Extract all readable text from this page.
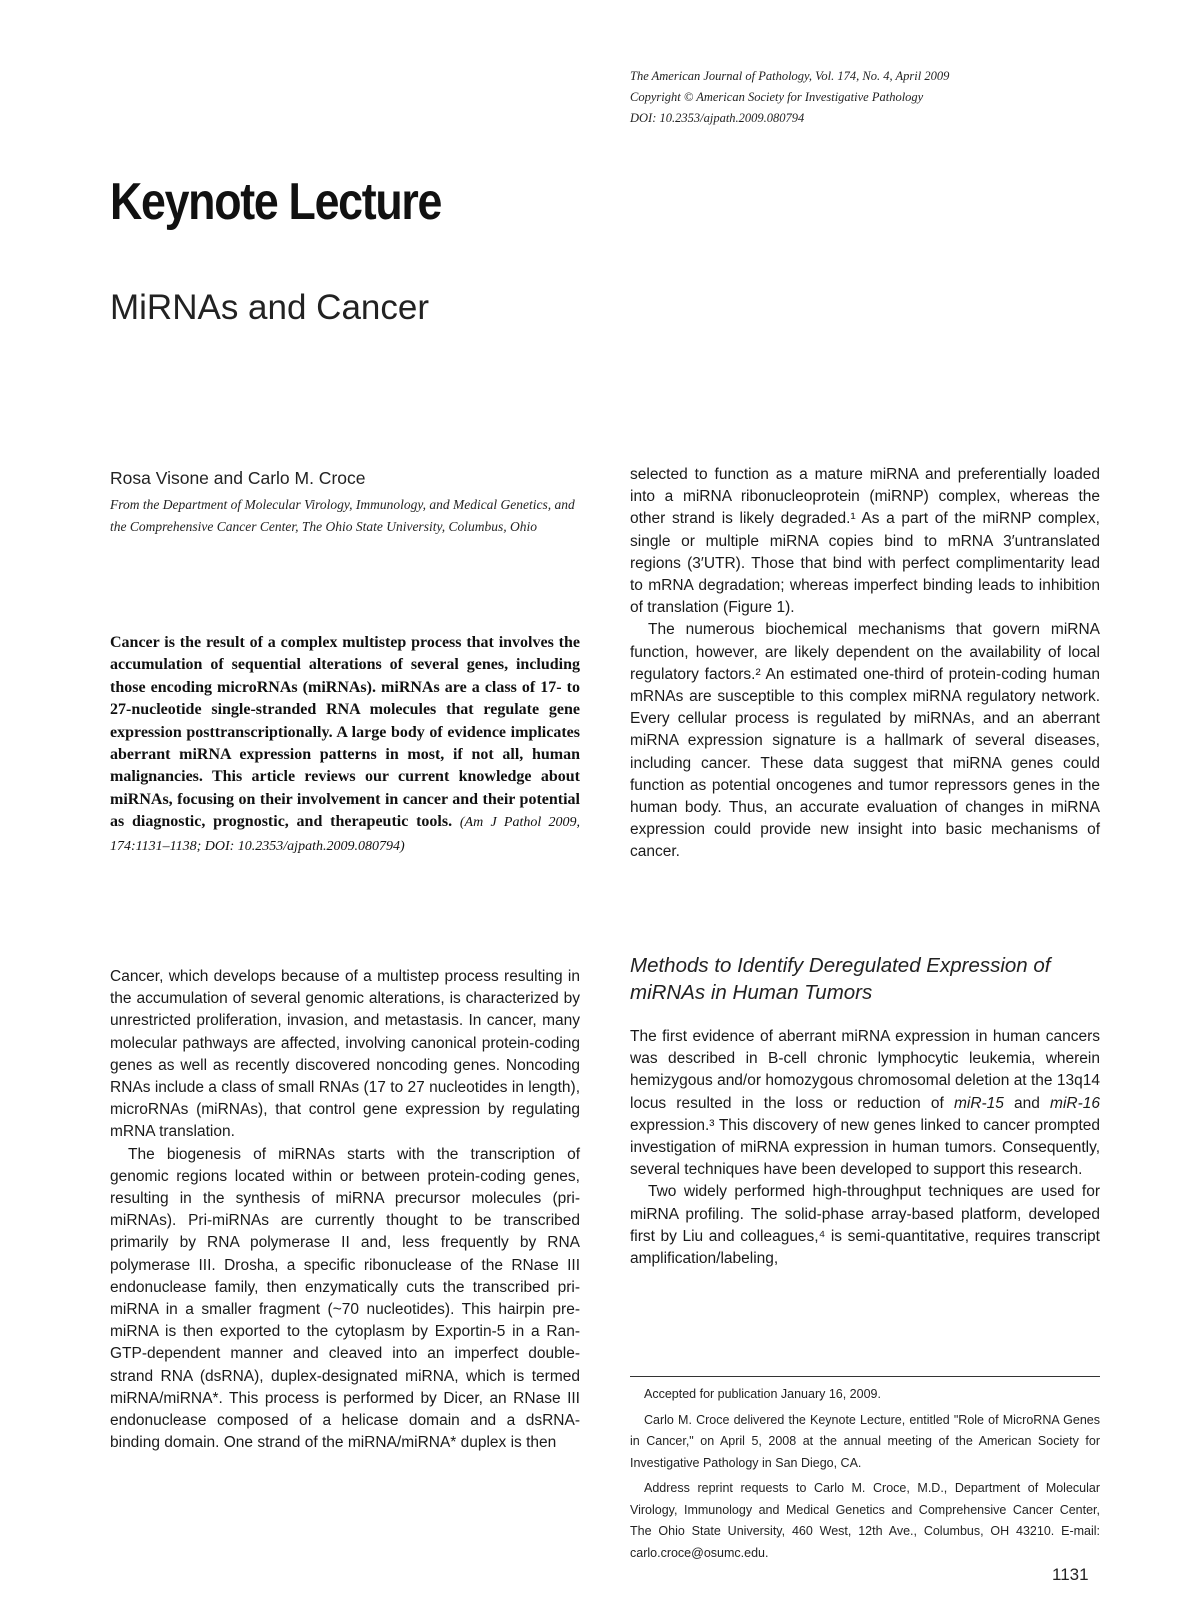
The American Journal of Pathology, Vol. 174, No. 4, April 2009
Copyright © American Society for Investigative Pathology
DOI: 10.2353/ajpath.2009.080794
Keynote Lecture
MiRNAs and Cancer
Rosa Visone and Carlo M. Croce
From the Department of Molecular Virology, Immunology, and Medical Genetics, and the Comprehensive Cancer Center, The Ohio State University, Columbus, Ohio
Cancer is the result of a complex multistep process that involves the accumulation of sequential alterations of several genes, including those encoding microRNAs (miRNAs). miRNAs are a class of 17- to 27-nucleotide single-stranded RNA molecules that regulate gene expression posttranscriptionally. A large body of evidence implicates aberrant miRNA expression patterns in most, if not all, human malignancies. This article reviews our current knowledge about miRNAs, focusing on their involvement in cancer and their potential as diagnostic, prognostic, and therapeutic tools. (Am J Pathol 2009, 174:1131–1138; DOI: 10.2353/ajpath.2009.080794)

Cancer, which develops because of a multistep process resulting in the accumulation of several genomic alterations, is characterized by unrestricted proliferation, invasion, and metastasis. In cancer, many molecular pathways are affected, involving canonical protein-coding genes as well as recently discovered noncoding genes. Noncoding RNAs include a class of small RNAs (17 to 27 nucleotides in length), microRNAs (miRNAs), that control gene expression by regulating mRNA translation.

The biogenesis of miRNAs starts with the transcription of genomic regions located within or between protein-coding genes, resulting in the synthesis of miRNA precursor molecules (pri-miRNAs). Pri-miRNAs are currently thought to be transcribed primarily by RNA polymerase II and, less frequently by RNA polymerase III. Drosha, a specific ribonuclease of the RNase III endonuclease family, then enzymatically cuts the transcribed pri-miRNA in a smaller fragment (~70 nucleotides). This hairpin pre-miRNA is then exported to the cytoplasm by Exportin-5 in a Ran-GTP-dependent manner and cleaved into an imperfect double-strand RNA (dsRNA), duplex-designated miRNA, which is termed miRNA/miRNA*. This process is performed by Dicer, an RNase III endonuclease composed of a helicase domain and a dsRNA-binding domain. One strand of the miRNA/miRNA* duplex is then

selected to function as a mature miRNA and preferentially loaded into a miRNA ribonucleoprotein (miRNP) complex, whereas the other strand is likely degraded.¹ As a part of the miRNP complex, single or multiple miRNA copies bind to mRNA 3′untranslated regions (3′UTR). Those that bind with perfect complimentarity lead to mRNA degradation; whereas imperfect binding leads to inhibition of translation (Figure 1).

The numerous biochemical mechanisms that govern miRNA function, however, are likely dependent on the availability of local regulatory factors.² An estimated one-third of protein-coding human mRNAs are susceptible to this complex miRNA regulatory network. Every cellular process is regulated by miRNAs, and an aberrant miRNA expression signature is a hallmark of several diseases, including cancer. These data suggest that miRNA genes could function as potential oncogenes and tumor repressors genes in the human body. Thus, an accurate evaluation of changes in miRNA expression could provide new insight into basic mechanisms of cancer.

Methods to Identify Deregulated Expression of miRNAs in Human Tumors

The first evidence of aberrant miRNA expression in human cancers was described in B-cell chronic lymphocytic leukemia, wherein hemizygous and/or homozygous chromosomal deletion at the 13q14 locus resulted in the loss or reduction of miR-15 and miR-16 expression.³ This discovery of new genes linked to cancer prompted investigation of miRNA expression in human tumors. Consequently, several techniques have been developed to support this research.

Two widely performed high-throughput techniques are used for miRNA profiling. The solid-phase array-based platform, developed first by Liu and colleagues,⁴ is semi-quantitative, requires transcript amplification/labeling,

Accepted for publication January 16, 2009.

Carlo M. Croce delivered the Keynote Lecture, entitled "Role of MicroRNA Genes in Cancer," on April 5, 2008 at the annual meeting of the American Society for Investigative Pathology in San Diego, CA.

Address reprint requests to Carlo M. Croce, M.D., Department of Molecular Virology, Immunology and Medical Genetics and Comprehensive Cancer Center, The Ohio State University, 460 West, 12th Ave., Columbus, OH 43210. E-mail: carlo.croce@osumc.edu.

1131
